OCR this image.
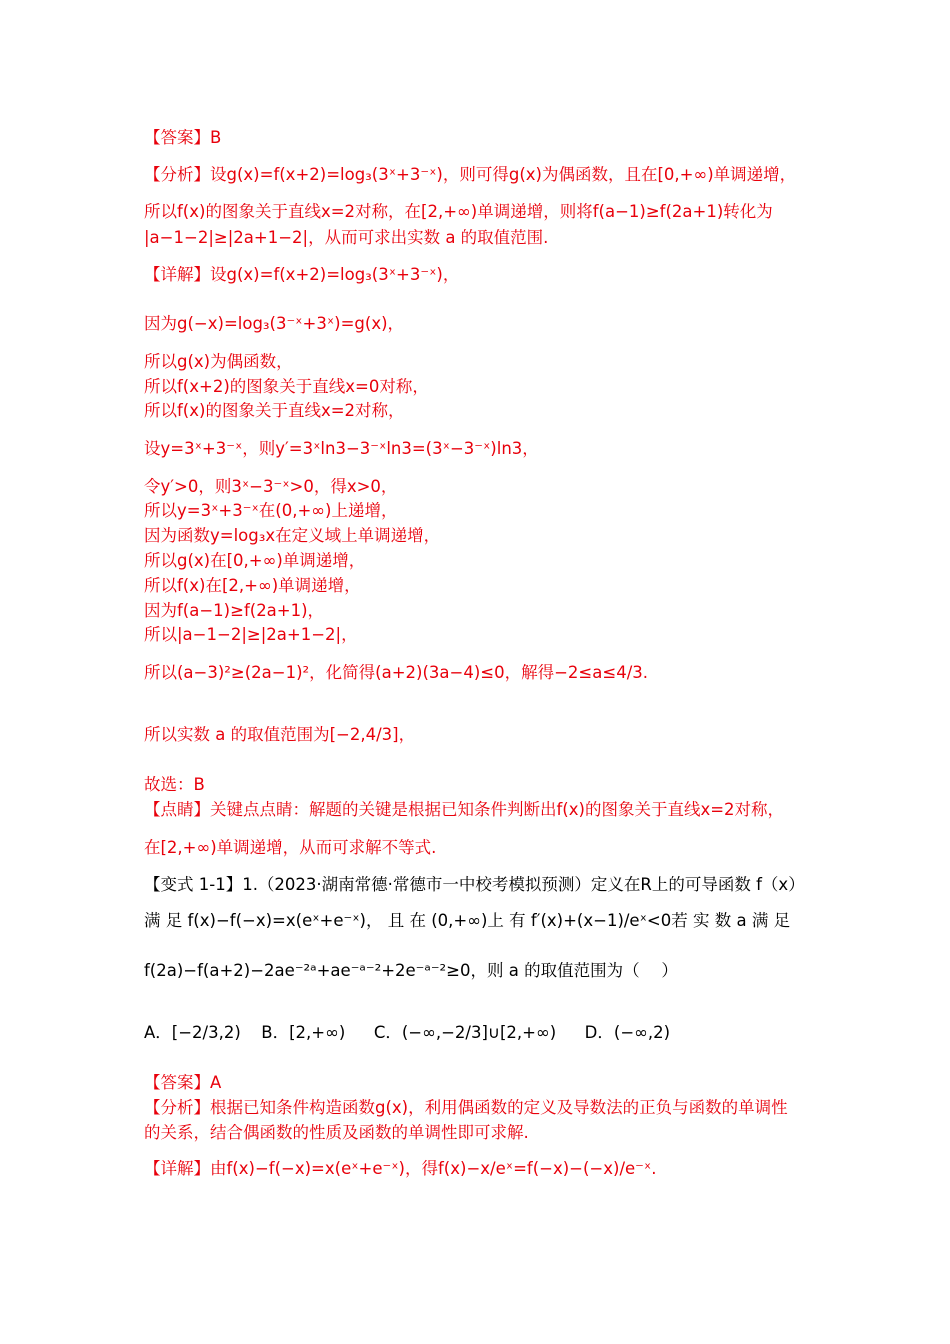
【答案】B
【分析】设g(x)=f(x+2)=log₃(3ˣ+3⁻ˣ)，则可得g(x)为偶函数，且在[0,+∞)单调递增，
所以f(x)的图象关于直线x=2对称，在[2,+∞)单调递增，则将f(a−1)≥f(2a+1)转化为
|a−1−2|≥|2a+1−2|，从而可求出实数 a 的取值范围.
【详解】设g(x)=f(x+2)=log₃(3ˣ+3⁻ˣ)，
因为g(−x)=log₃(3⁻ˣ+3ˣ)=g(x)，
所以g(x)为偶函数，
所以f(x+2)的图象关于直线x=0对称，
所以f(x)的图象关于直线x=2对称，
设y=3ˣ+3⁻ˣ，则y′=3ˣln3−3⁻ˣln3=(3ˣ−3⁻ˣ)ln3，
令y′>0，则3ˣ−3⁻ˣ>0，得x>0，
所以y=3ˣ+3⁻ˣ在(0,+∞)上递增，
因为函数y=log₃x在定义域上单调递增，
所以g(x)在[0,+∞)单调递增，
所以f(x)在[2,+∞)单调递增，
因为f(a−1)≥f(2a+1)，
所以|a−1−2|≥|2a+1−2|，
所以(a−3)²≥(2a−1)²，化简得(a+2)(3a−4)≤0，解得−2≤a≤4/3.
所以实数 a 的取值范围为[−2,4/3]，
故选：B
【点睛】关键点点睛：解题的关键是根据已知条件判断出f(x)的图象关于直线x=2对称，
在[2,+∞)单调递增，从而可求解不等式.
【变式 1-1】1.（2023·湖南常德·常德市一中校考模拟预测）定义在R上的可导函数 f（x）
满 足 f(x)−f(−x)=x(eˣ+e⁻ˣ)， 且 在 (0,+∞)上 有 f′(x)+(x−1)/eˣ<0若 实 数 a 满 足
f(2a)−f(a+2)−2ae⁻²ᵃ+ae⁻ᵃ⁻²+2e⁻ᵃ⁻²≥0，则 a 的取值范围为（　 ）
A．[−2/3,2) B．[2,+∞) C．(−∞,−2/3]∪[2,+∞) D．(−∞,2)
【答案】A
【分析】根据已知条件构造函数g(x)，利用偶函数的定义及导数法的正负与函数的单调性
的关系，结合偶函数的性质及函数的单调性即可求解.
【详解】由f(x)−f(−x)=x(eˣ+e⁻ˣ)，得f(x)−x/eˣ=f(−x)−(−x)/e⁻ˣ.
